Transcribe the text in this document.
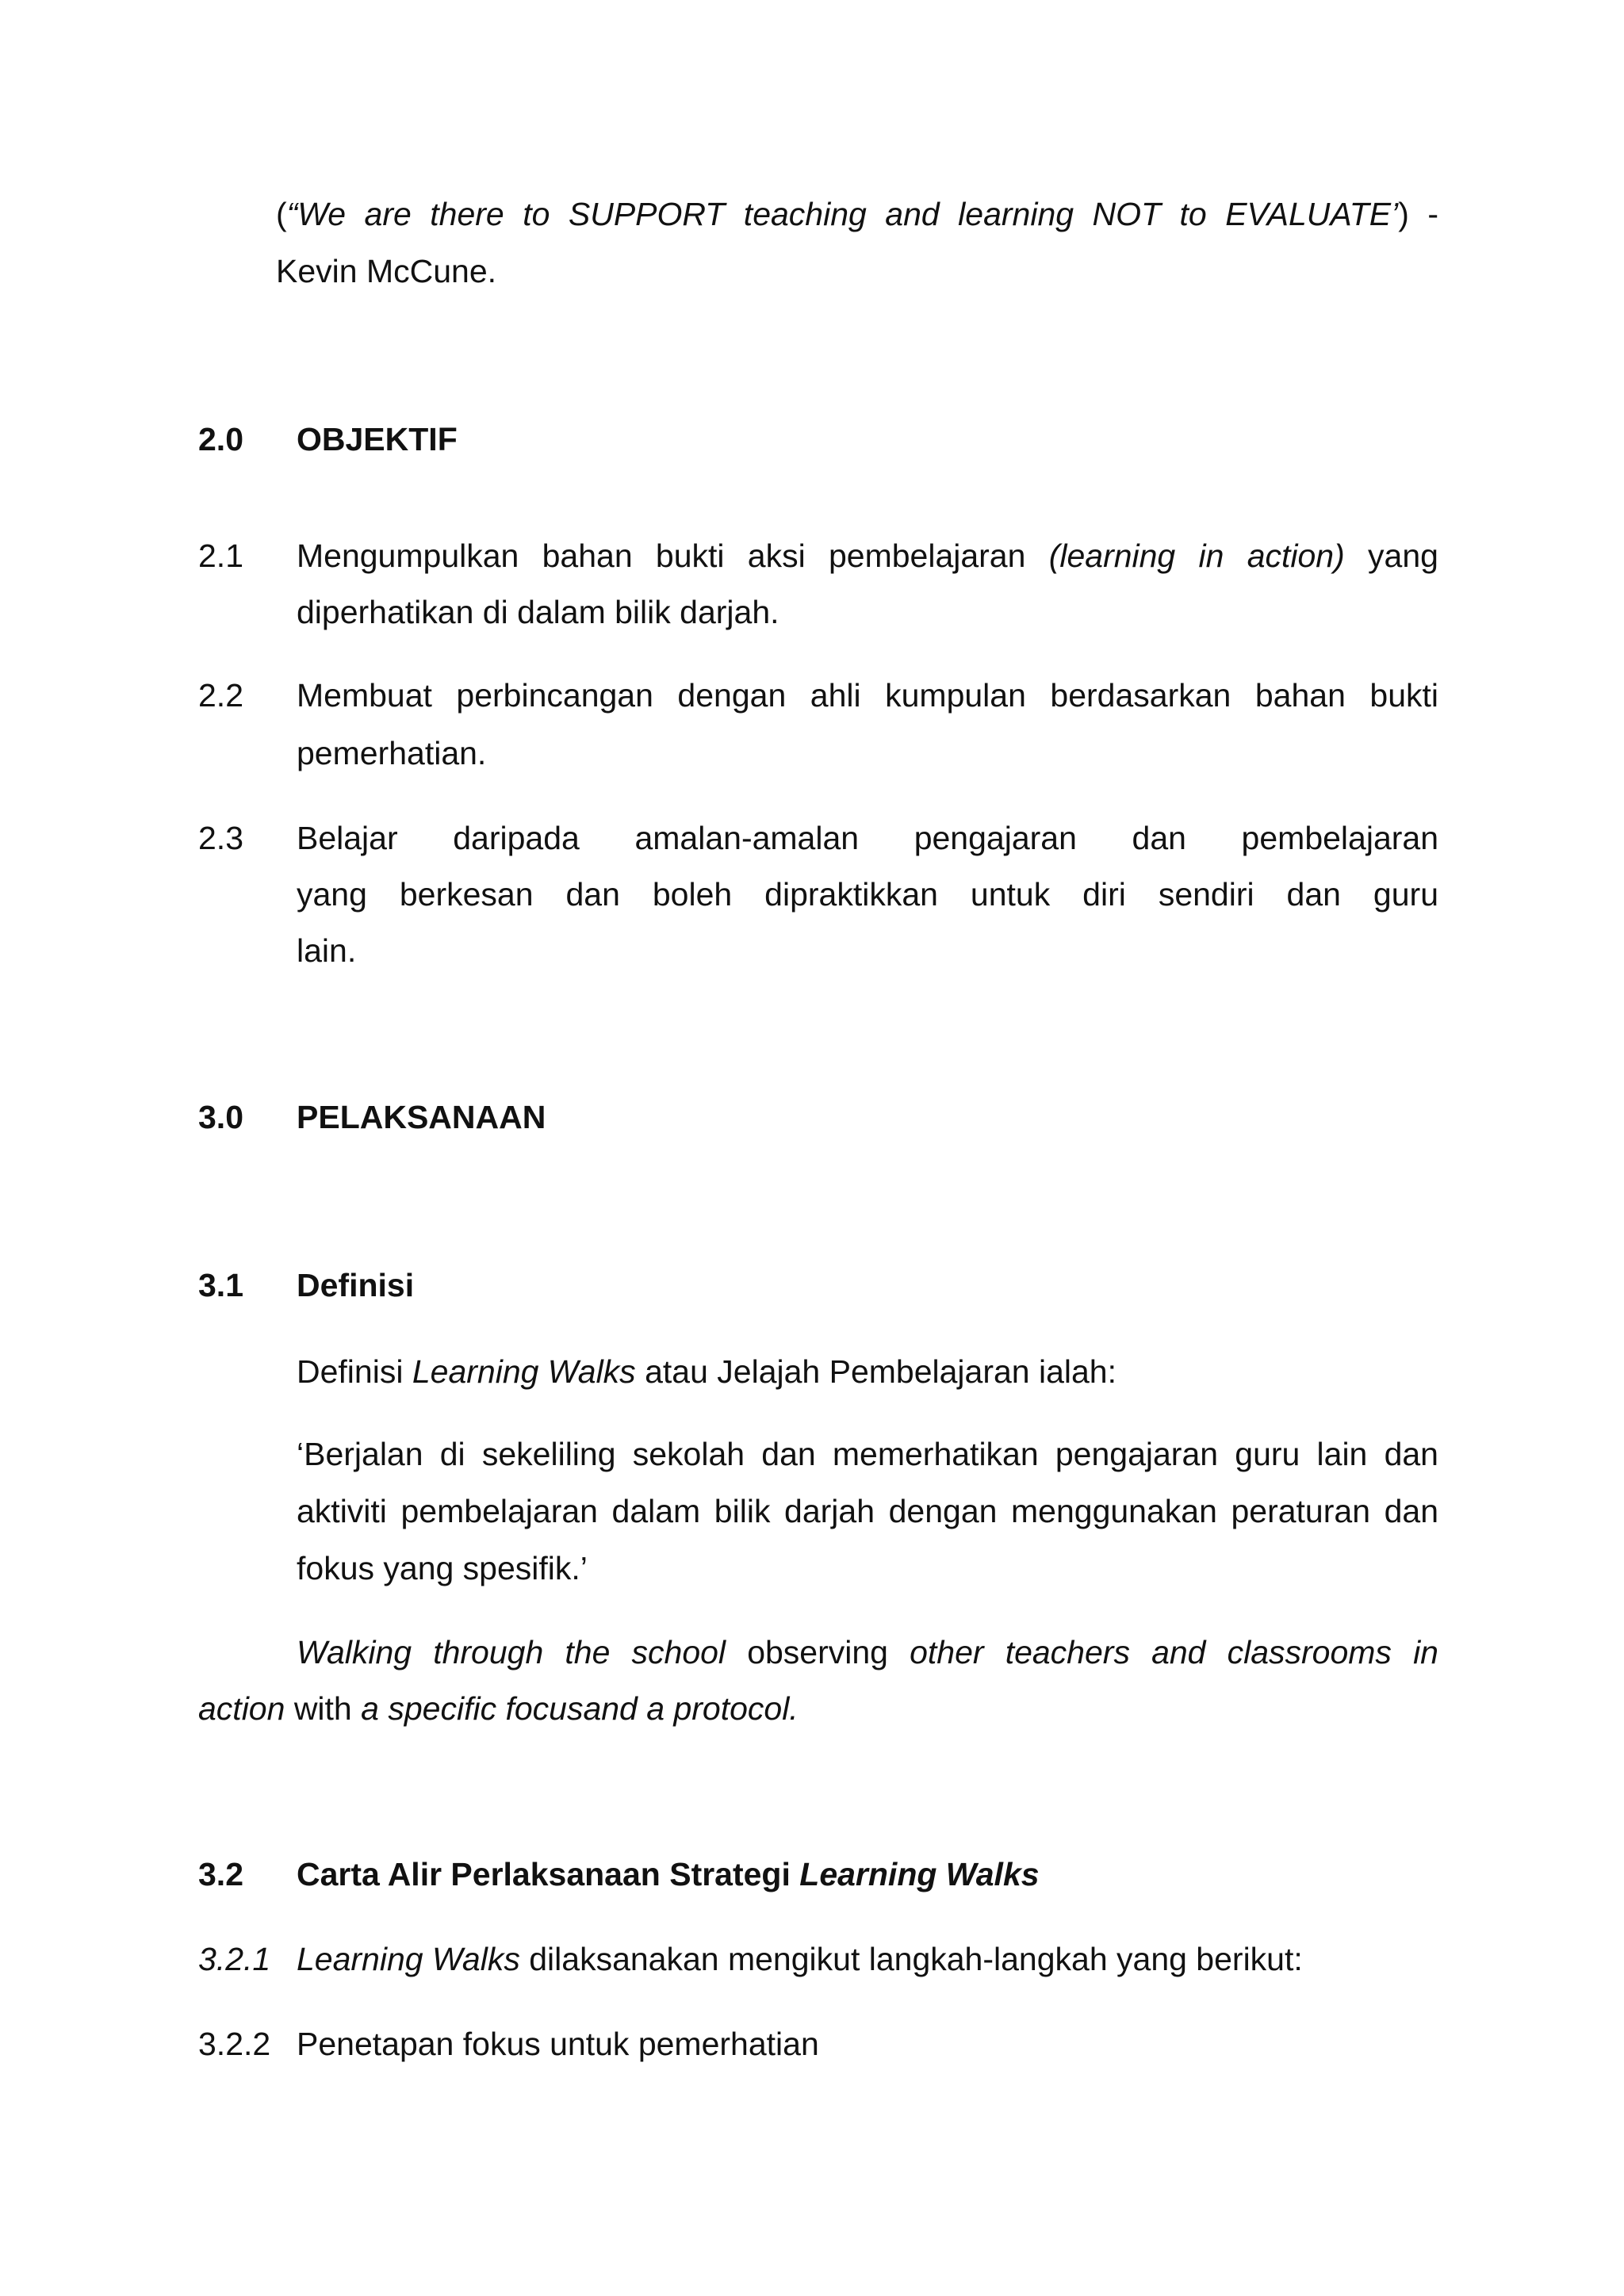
(“We are there to SUPPORT teaching and learning NOT to EVALUATE’) -
Kevin McCune.
2.0 OBJEKTIF
2.1 Mengumpulkan bahan bukti aksi pembelajaran (learning in action) yang
diperhatikan di dalam bilik darjah.
2.2 Membuat perbincangan dengan ahli kumpulan berdasarkan bahan bukti
pemerhatian.
2.3 Belajar daripada amalan-amalan pengajaran dan pembelajaran
yang berkesan dan boleh dipraktikkan untuk diri sendiri dan guru
lain.
3.0 PELAKSANAAN
3.1 Definisi
Definisi Learning Walks atau Jelajah Pembelajaran ialah:
‘Berjalan di sekeliling sekolah dan memerhatikan pengajaran guru lain dan
aktiviti pembelajaran dalam bilik darjah dengan menggunakan peraturan dan
fokus yang spesifik.’
Walking through the school observing other teachers and classrooms in
action with a specific focusand a protocol.
3.2 Carta Alir Perlaksanaan Strategi Learning Walks
3.2.1 Learning Walks dilaksanakan mengikut langkah-langkah yang berikut:
3.2.2 Penetapan fokus untuk pemerhatian
